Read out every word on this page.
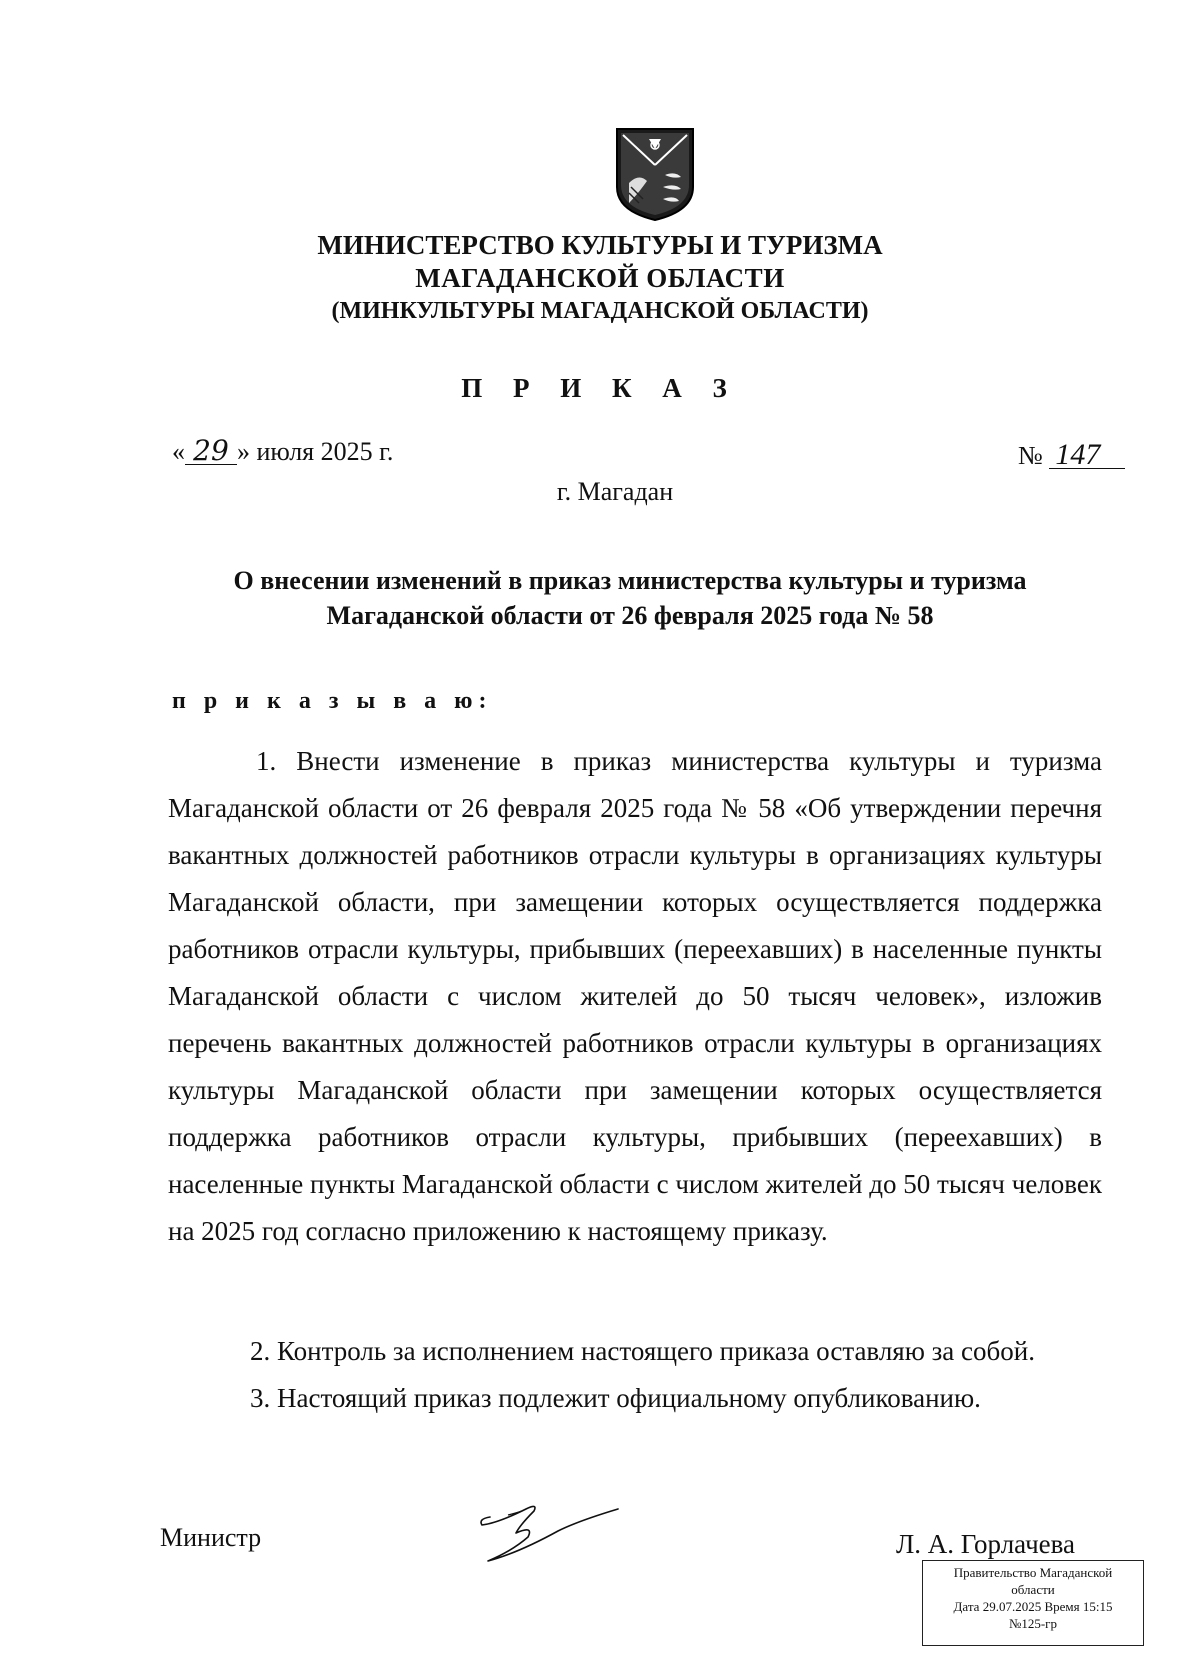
МИНИСТЕРСТВО КУЛЬТУРЫ И ТУРИЗМА
МАГАДАНСКОЙ ОБЛАСТИ
(МИНКУЛЬТУРЫ МАГАДАНСКОЙ ОБЛАСТИ)
П Р И К А З
« 29 » июля 2025 г.	№ 147
г. Магадан
О внесении изменений в приказ министерства культуры и туризма
Магаданской области от 26 февраля 2025 года № 58
п р и к а з ы в а ю:
1. Внести изменение в приказ министерства культуры и туризма Магаданской области от 26 февраля 2025 года № 58 «Об утверждении перечня вакантных должностей работников отрасли культуры в организациях культуры Магаданской области, при замещении которых осуществляется поддержка работников отрасли культуры, прибывших (переехавших) в населенные пункты Магаданской области с числом жителей до 50 тысяч человек», изложив перечень вакантных должностей работников отрасли культуры в организациях культуры Магаданской области при замещении которых осуществляется поддержка работников отрасли культуры, прибывших (переехавших) в населенные пункты Магаданской области с числом жителей до 50 тысяч человек на 2025 год согласно приложению к настоящему приказу.
2. Контроль за исполнением настоящего приказа оставляю за собой.
3. Настоящий приказ подлежит официальному опубликованию.
Министр	Л. А. Горлачева
Правительство Магаданской
области
Дата 29.07.2025 Время 15:15
№125-гр
